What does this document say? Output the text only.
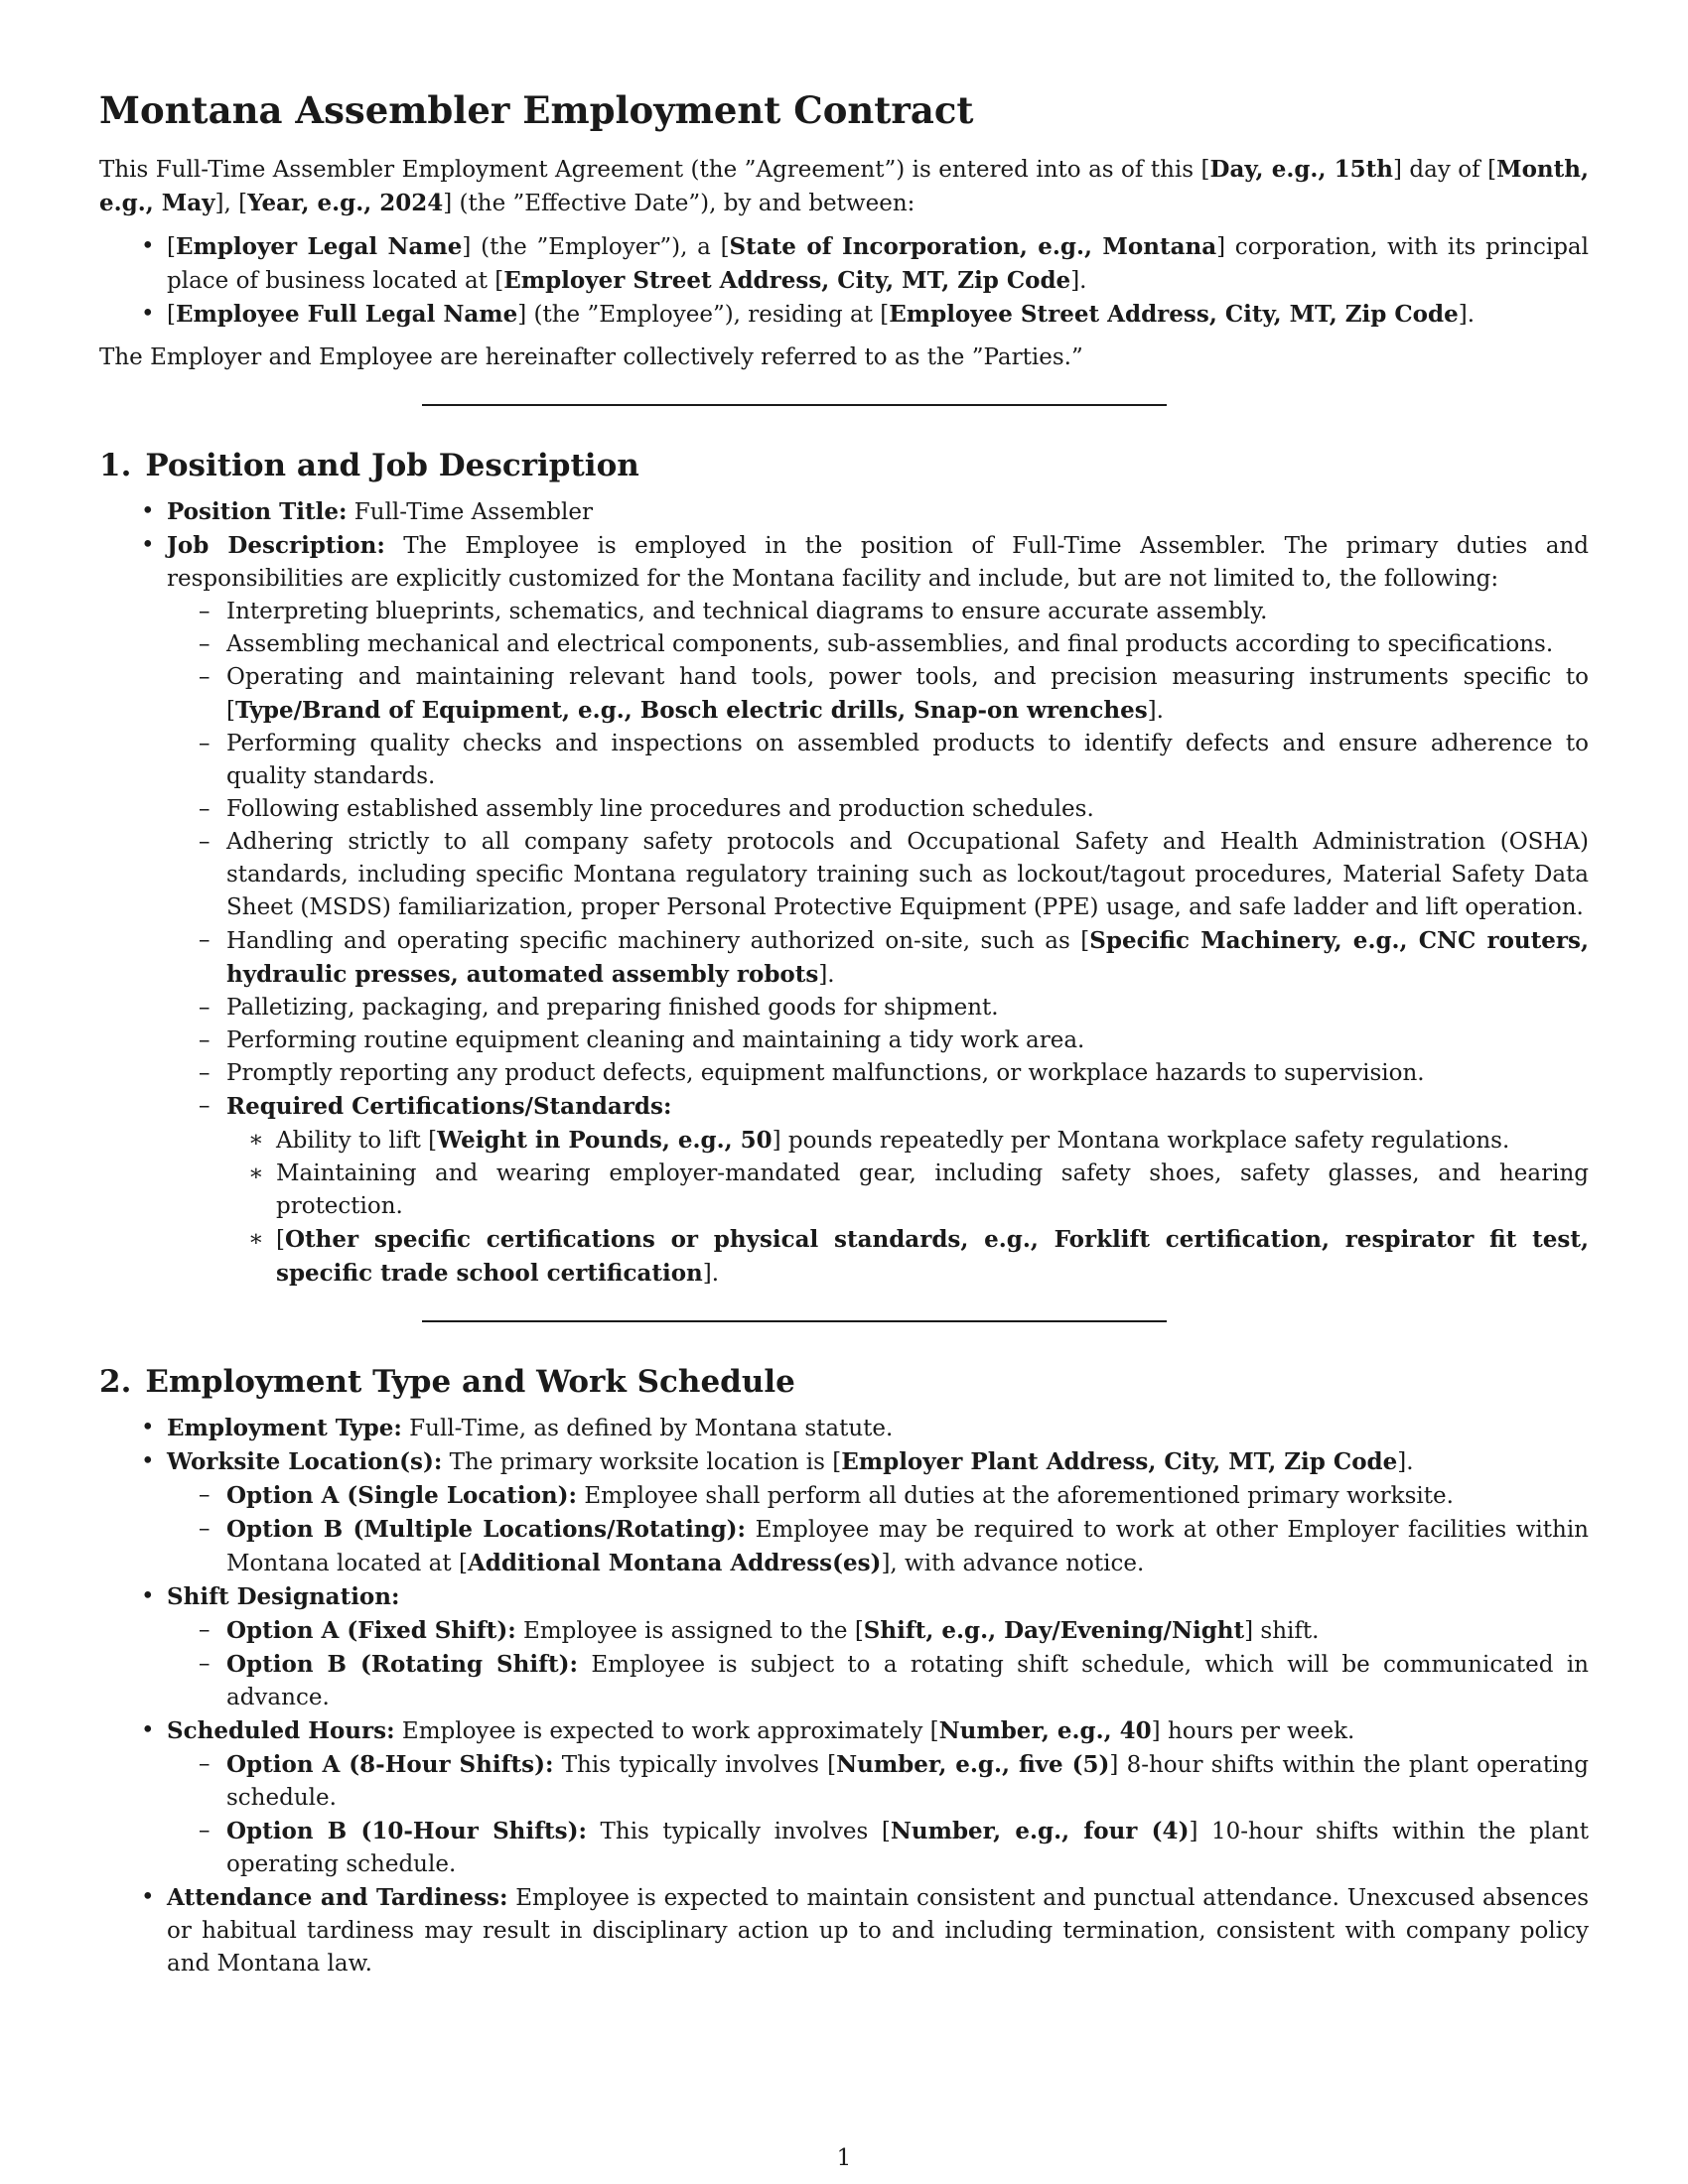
Montana Assembler Employment Contract

This Full-Time Assembler Employment Agreement (the ”Agreement”) is entered into as of this [Day, e.g., 15th] day of [Month, e.g., May], [Year, e.g., 2024] (the ”Effective Date”), by and between:

• [Employer Legal Name] (the ”Employer”), a [State of Incorporation, e.g., Montana] corporation, with its principal place of business located at [Employer Street Address, City, MT, Zip Code].
• [Employee Full Legal Name] (the ”Employee”), residing at [Employee Street Address, City, MT, Zip Code].

The Employer and Employee are hereinafter collectively referred to as the ”Parties.”

1. Position and Job Description
• Position Title: Full-Time Assembler
• Job Description: The Employee is employed in the position of Full-Time Assembler. The primary duties and responsibilities are explicitly customized for the Montana facility and include, but are not limited to, the following:
– Interpreting blueprints, schematics, and technical diagrams to ensure accurate assembly.
– Assembling mechanical and electrical components, sub-assemblies, and final products according to specifications.
– Operating and maintaining relevant hand tools, power tools, and precision measuring instruments specific to [Type/Brand of Equipment, e.g., Bosch electric drills, Snap-on wrenches].
– Performing quality checks and inspections on assembled products to identify defects and ensure adherence to quality standards.
– Following established assembly line procedures and production schedules.
– Adhering strictly to all company safety protocols and Occupational Safety and Health Administration (OSHA) standards, including specific Montana regulatory training such as lockout/tagout procedures, Material Safety Data Sheet (MSDS) familiarization, proper Personal Protective Equipment (PPE) usage, and safe ladder and lift operation.
– Handling and operating specific machinery authorized on-site, such as [Specific Machinery, e.g., CNC routers, hydraulic presses, automated assembly robots].
– Palletizing, packaging, and preparing finished goods for shipment.
– Performing routine equipment cleaning and maintaining a tidy work area.
– Promptly reporting any product defects, equipment malfunctions, or workplace hazards to supervision.
– Required Certifications/Standards:
∗ Ability to lift [Weight in Pounds, e.g., 50] pounds repeatedly per Montana workplace safety regulations.
∗ Maintaining and wearing employer-mandated gear, including safety shoes, safety glasses, and hearing protection.
∗ [Other specific certifications or physical standards, e.g., Forklift certification, respirator fit test, specific trade school certification].
2. Employment Type and Work Schedule
• Employment Type: Full-Time, as defined by Montana statute.
• Worksite Location(s): The primary worksite location is [Employer Plant Address, City, MT, Zip Code].
– Option A (Single Location): Employee shall perform all duties at the aforementioned primary worksite.
– Option B (Multiple Locations/Rotating): Employee may be required to work at other Employer facilities within Montana located at [Additional Montana Address(es)], with advance notice.
• Shift Designation:
– Option A (Fixed Shift): Employee is assigned to the [Shift, e.g., Day/Evening/Night] shift.
– Option B (Rotating Shift): Employee is subject to a rotating shift schedule, which will be communicated in advance.
• Scheduled Hours: Employee is expected to work approximately [Number, e.g., 40] hours per week.
– Option A (8-Hour Shifts): This typically involves [Number, e.g., five (5)] 8-hour shifts within the plant operating schedule.
– Option B (10-Hour Shifts): This typically involves [Number, e.g., four (4)] 10-hour shifts within the plant operating schedule.
• Attendance and Tardiness: Employee is expected to maintain consistent and punctual attendance. Unexcused absences or habitual tardiness may result in disciplinary action up to and including termination, consistent with company policy and Montana law.
1
